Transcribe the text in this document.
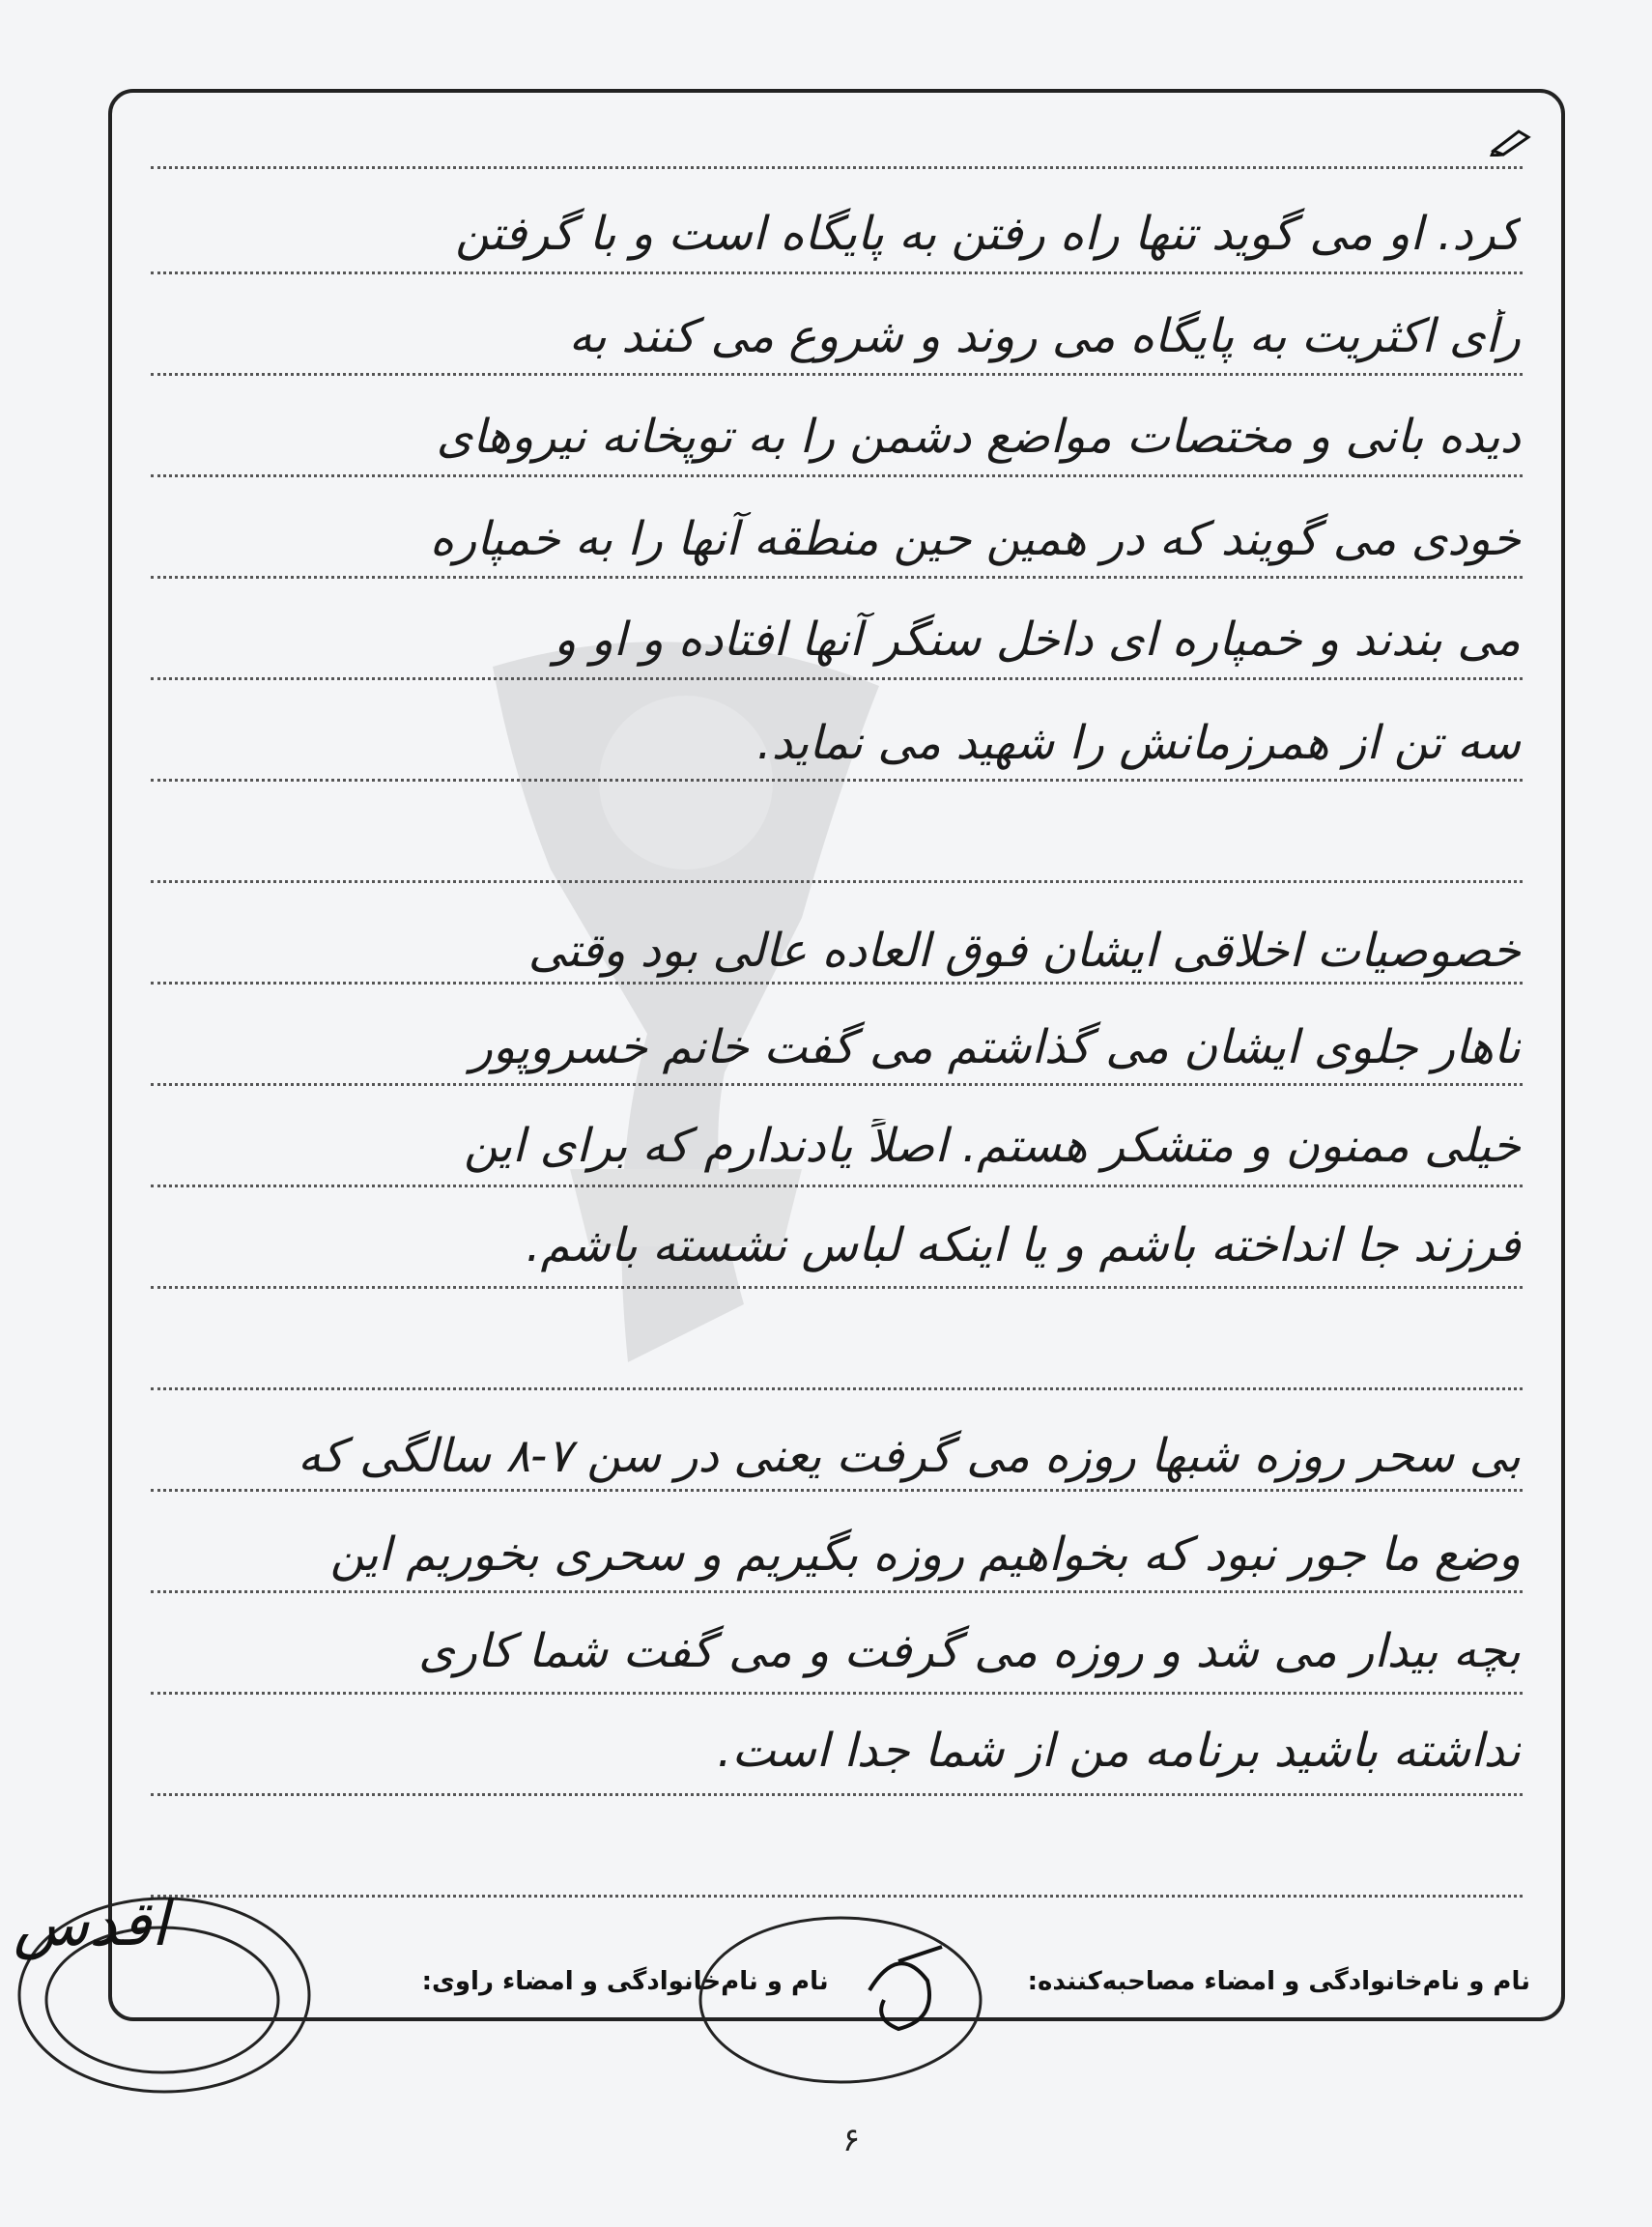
کرد. او می گوید تنها راه رفتن به پایگاه است و با گرفتن
رأی اکثریت به پایگاه می روند و شروع می کنند به
دیده بانی و مختصات مواضع دشمن را به توپخانه نیروهای
خودی می گویند که در همین حین منطقه آنها را به خمپاره
می بندند و خمپاره ای داخل سنگر آنها افتاده و او و
سه تن از همرزمانش را شهید می نماید.
خصوصیات اخلاقی ایشان فوق العاده عالی بود وقتی
ناهار جلوی ایشان می گذاشتم می گفت خانم خسروپور
خیلی ممنون و متشکر هستم. اصلاً یادندارم که برای این
فرزند جا انداخته باشم و یا اینکه لباس نشسته باشم.
بی سحر روزه شبها روزه می گرفت یعنی در سن ۷-۸ سالگی که
وضع ما جور نبود که بخواهیم روزه بگیریم و سحری بخوریم این
بچه بیدار می شد و روزه می گرفت و می گفت شما کاری
نداشته باشید برنامه من از شما جدا است.
نام و نام‌خانوادگی و امضاء مصاحبه‌کننده:
نام و نام‌خانوادگی و امضاء راوی:
اقدس
۶
